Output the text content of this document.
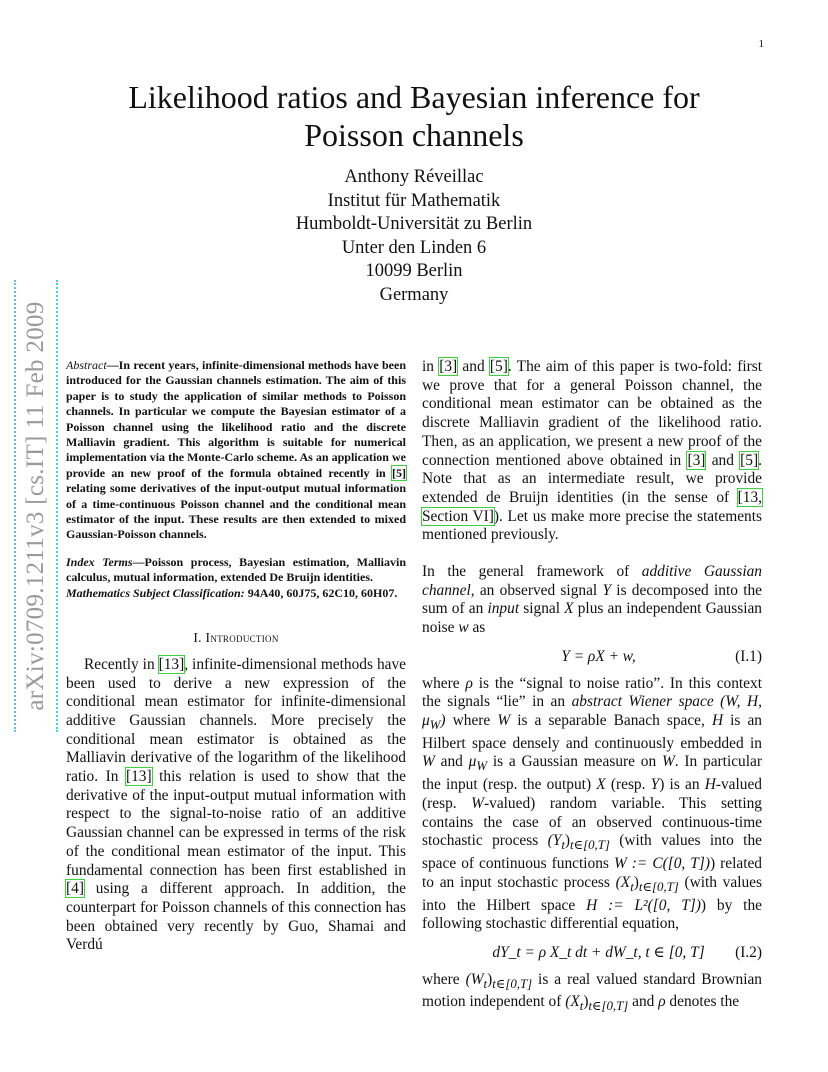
1
arXiv:0709.1211v3 [cs.IT] 11 Feb 2009
Likelihood ratios and Bayesian inference for Poisson channels
Anthony Réveillac
Institut für Mathematik
Humboldt-Universität zu Berlin
Unter den Linden 6
10099 Berlin
Germany

Abstract—In recent years, infinite-dimensional methods have been introduced for the Gaussian channels estimation. The aim of this paper is to study the application of similar methods to Poisson channels. In particular we compute the Bayesian estimator of a Poisson channel using the likelihood ratio and the discrete Malliavin gradient. This algorithm is suitable for numerical implementation via the Monte-Carlo scheme. As an application we provide an new proof of the formula obtained recently in [5] relating some derivatives of the input-output mutual information of a time-continuous Poisson channel and the conditional mean estimator of the input. These results are then extended to mixed Gaussian-Poisson channels.

Index Terms—Poisson process, Bayesian estimation, Malliavin calculus, mutual information, extended De Bruijn identities.
Mathematics Subject Classification: 94A40, 60J75, 62C10, 60H07.

I. Introduction

Recently in [13], infinite-dimensional methods have been used to derive a new expression of the conditional mean estimator for infinite-dimensional additive Gaussian channels. More precisely the conditional mean estimator is obtained as the Malliavin derivative of the logarithm of the likelihood ratio. In [13] this relation is used to show that the derivative of the input-output mutual information with respect to the signal-to-noise ratio of an additive Gaussian channel can be expressed in terms of the risk of the conditional mean estimator of the input. This fundamental connection has been first established in [4] using a different approach. In addition, the counterpart for Poisson channels of this connection has been obtained very recently by Guo, Shamai and Verdú

in [3] and [5]. The aim of this paper is two-fold: first we prove that for a general Poisson channel, the conditional mean estimator can be obtained as the discrete Malliavin gradient of the likelihood ratio. Then, as an application, we present a new proof of the connection mentioned above obtained in [3] and [5]. Note that as an intermediate result, we provide extended de Bruijn identities (in the sense of [13, Section VI]). Let us make more precise the statements mentioned previously.

In the general framework of additive Gaussian channel, an observed signal Y is decomposed into the sum of an input signal X plus an independent Gaussian noise w as

Y = ρX + w,	(I.1)

where ρ is the “signal to noise ratio”. In this context the signals “lie” in an abstract Wiener space (W, H, $\mu_W$) where W is a separable Banach space, H is an Hilbert space densely and continuously embedded in W and $\mu_W$ is a Gaussian measure on W. In particular the input (resp. the output) X (resp. Y) is an H-valued (resp. W-valued) random variable. This setting contains the case of an observed continuous-time stochastic process $(Y_t)_{t\in[0,T]}$ (with values into the space of continuous functions W := C([0, T])) related to an input stochastic process $(X_t)_{t\in[0,T]}$ (with values into the Hilbert space H := L²([0, T])) by the following stochastic differential equation,

dY_t = ρ X_t dt + dW_t, t ∈ [0, T]	(I.2)

where $(W_t)_{t\in[0,T]}$ is a real valued standard Brownian motion independent of $(X_t)_{t\in[0,T]}$ and ρ denotes the
